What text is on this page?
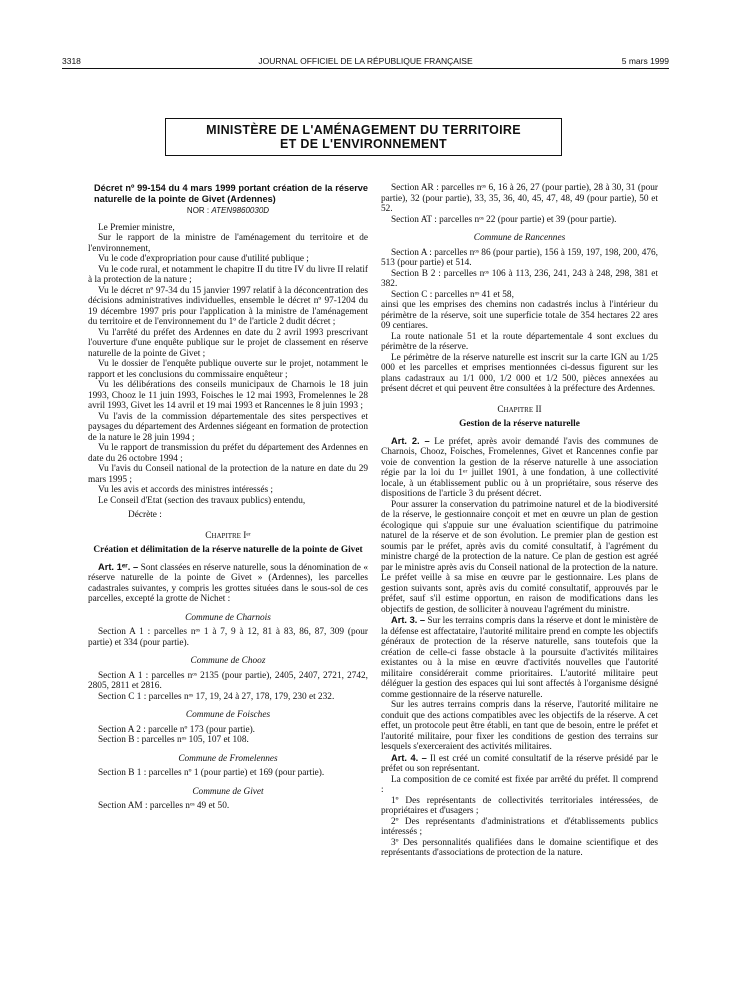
3318	JOURNAL OFFICIEL DE LA RÉPUBLIQUE FRANÇAISE	5 mars 1999
MINISTÈRE DE L'AMÉNAGEMENT DU TERRITOIRE
ET DE L'ENVIRONNEMENT
Décret nº 99-154 du 4 mars 1999 portant création de la réserve naturelle de la pointe de Givet (Ardennes)
NOR : ATEN9860030D

Le Premier ministre,

Sur le rapport de la ministre de l'aménagement du territoire et de l'environnement,

Vu le code d'expropriation pour cause d'utilité publique ;

Vu le code rural, et notamment le chapitre II du titre IV du livre II relatif à la protection de la nature ;

Vu le décret nº 97-34 du 15 janvier 1997 relatif à la déconcentration des décisions administratives individuelles, ensemble le décret nº 97-1204 du 19 décembre 1997 pris pour l'application à la ministre de l'aménagement du territoire et de l'environnement du 1º de l'article 2 dudit décret ;

Vu l'arrêté du préfet des Ardennes en date du 2 avril 1993 prescrivant l'ouverture d'une enquête publique sur le projet de classement en réserve naturelle de la pointe de Givet ;

Vu le dossier de l'enquête publique ouverte sur le projet, notamment le rapport et les conclusions du commissaire enquêteur ;

Vu les délibérations des conseils municipaux de Charnois le 18 juin 1993, Chooz le 11 juin 1993, Foisches le 12 mai 1993, Fromelennes le 28 avril 1993, Givet les 14 avril et 19 mai 1993 et Rancennes le 8 juin 1993 ;

Vu l'avis de la commission départementale des sites perspectives et paysages du département des Ardennes siégeant en formation de protection de la nature le 28 juin 1994 ;

Vu le rapport de transmission du préfet du département des Ardennes en date du 26 octobre 1994 ;

Vu l'avis du Conseil national de la protection de la nature en date du 29 mars 1995 ;

Vu les avis et accords des ministres intéressés ;

Le Conseil d'Etat (section des travaux publics) entendu,

Décrète :

Chapitre Iᵉʳ

Création et délimitation de la réserve naturelle de la pointe de Givet

Art. 1ᵉʳ. – Sont classées en réserve naturelle, sous la dénomination de « réserve naturelle de la pointe de Givet » (Ardennes), les parcelles cadastrales suivantes, y compris les grottes situées dans le sous-sol de ces parcelles, excepté la grotte de Nichet :

Commune de Charnois

Section A 1 : parcelles nᵒˢ 1 à 7, 9 à 12, 81 à 83, 86, 87, 309 (pour partie) et 334 (pour partie).

Commune de Chooz

Section A 1 : parcelles nᵒˢ 2135 (pour partie), 2405, 2407, 2721, 2742, 2805, 2811 et 2816.

Section C 1 : parcelles nᵒˢ 17, 19, 24 à 27, 178, 179, 230 et 232.

Commune de Foisches

Section A 2 : parcelle nº 173 (pour partie).

Section B : parcelles nᵒˢ 105, 107 et 108.

Commune de Fromelennes

Section B 1 : parcelles nº 1 (pour partie) et 169 (pour partie).

Commune de Givet

Section AM : parcelles nᵒˢ 49 et 50.

Section AR : parcelles nᵒˢ 6, 16 à 26, 27 (pour partie), 28 à 30, 31 (pour partie), 32 (pour partie), 33, 35, 36, 40, 45, 47, 48, 49 (pour partie), 50 et 52.

Section AT : parcelles nᵒˢ 22 (pour partie) et 39 (pour partie).

Commune de Rancennes

Section A : parcelles nᵒˢ 86 (pour partie), 156 à 159, 197, 198, 200, 476, 513 (pour partie) et 514.

Section B 2 : parcelles nᵒˢ 106 à 113, 236, 241, 243 à 248, 298, 381 et 382.

Section C : parcelles nᵒˢ 41 et 58,

ainsi que les emprises des chemins non cadastrés inclus à l'intérieur du périmètre de la réserve, soit une superficie totale de 354 hectares 22 ares 09 centiares.

La route nationale 51 et la route départementale 4 sont exclues du périmètre de la réserve.

Le périmètre de la réserve naturelle est inscrit sur la carte IGN au 1/25 000 et les parcelles et emprises mentionnées ci-dessus figurent sur les plans cadastraux au 1/1 000, 1/2 000 et 1/2 500, pièces annexées au présent décret et qui peuvent être consultées à la préfecture des Ardennes.

Chapitre II

Gestion de la réserve naturelle

Art. 2. – Le préfet, après avoir demandé l'avis des communes de Charnois, Chooz, Foisches, Fromelennes, Givet et Rancennes confie par voie de convention la gestion de la réserve naturelle à une association régie par la loi du 1ᵉʳ juillet 1901, à une fondation, à une collectivité locale, à un établissement public ou à un propriétaire, sous réserve des dispositions de l'article 3 du présent décret.

Pour assurer la conservation du patrimoine naturel et de la biodiversité de la réserve, le gestionnaire conçoit et met en œuvre un plan de gestion écologique qui s'appuie sur une évaluation scientifique du patrimoine naturel de la réserve et de son évolution. Le premier plan de gestion est soumis par le préfet, après avis du comité consultatif, à l'agrément du ministre chargé de la protection de la nature. Ce plan de gestion est agréé par le ministre après avis du Conseil national de la protection de la nature. Le préfet veille à sa mise en œuvre par le gestionnaire. Les plans de gestion suivants sont, après avis du comité consultatif, approuvés par le préfet, sauf s'il estime opportun, en raison de modifications dans les objectifs de gestion, de solliciter à nouveau l'agrément du ministre.

Art. 3. – Sur les terrains compris dans la réserve et dont le ministère de la défense est affectataire, l'autorité militaire prend en compte les objectifs généraux de protection de la réserve naturelle, sans toutefois que la création de celle-ci fasse obstacle à la poursuite d'activités militaires existantes ou à la mise en œuvre d'activités nouvelles que l'autorité militaire considérerait comme prioritaires. L'autorité militaire peut déléguer la gestion des espaces qui lui sont affectés à l'organisme désigné comme gestionnaire de la réserve naturelle.

Sur les autres terrains compris dans la réserve, l'autorité militaire ne conduit que des actions compatibles avec les objectifs de la réserve. A cet effet, un protocole peut être établi, en tant que de besoin, entre le préfet et l'autorité militaire, pour fixer les conditions de gestion des terrains sur lesquels s'exerceraient des activités militaires.

Art. 4. – Il est créé un comité consultatif de la réserve présidé par le préfet ou son représentant.

La composition de ce comité est fixée par arrêté du préfet. Il comprend :

1º Des représentants de collectivités territoriales intéressées, de propriétaires et d'usagers ;

2º Des représentants d'administrations et d'établissements publics intéressés ;

3º Des personnalités qualifiées dans le domaine scientifique et des représentants d'associations de protection de la nature.
